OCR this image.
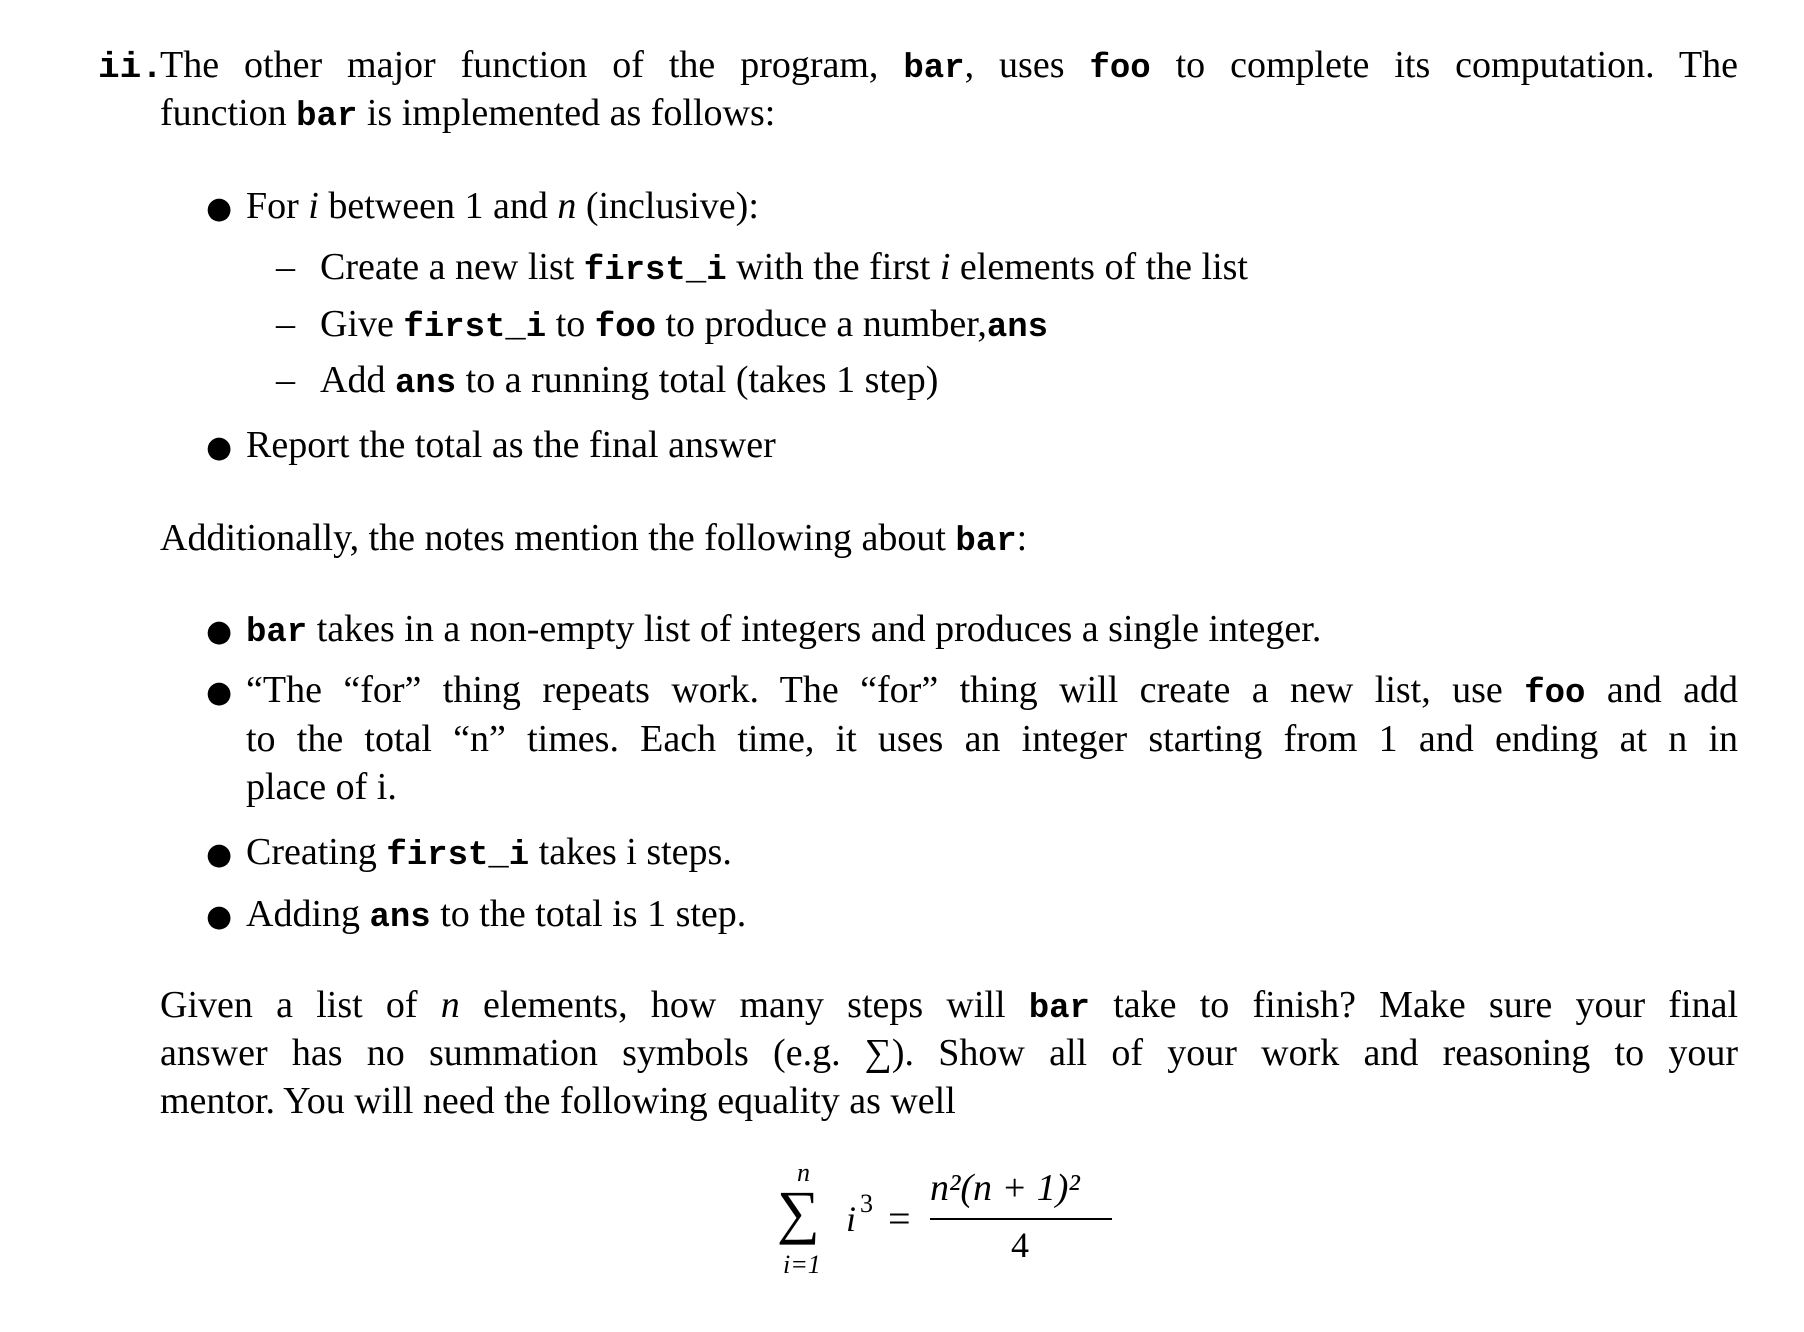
ii.
The other major function of the program, bar, uses foo to complete its computation. The
function bar is implemented as follows:
● For i between 1 and n (inclusive):
– Create a new list first_i with the first i elements of the list
– Give first_i to foo to produce a number,ans
– Add ans to a running total (takes 1 step)
● Report the total as the final answer
Additionally, the notes mention the following about bar:
● bar takes in a non-empty list of integers and produces a single integer.
● “The “for” thing repeats work. The “for” thing will create a new list, use foo and add
to the total “n” times. Each time, it uses an integer starting from 1 and ending at n in
place of i.
● Creating first_i takes i steps.
● Adding ans to the total is 1 step.
Given a list of n elements, how many steps will bar take to finish? Make sure your final
answer has no summation symbols (e.g. ∑). Show all of your work and reasoning to your
mentor. You will need the following equality as well
n
∑
i=1
i 3 =
n²(n + 1)²
4
